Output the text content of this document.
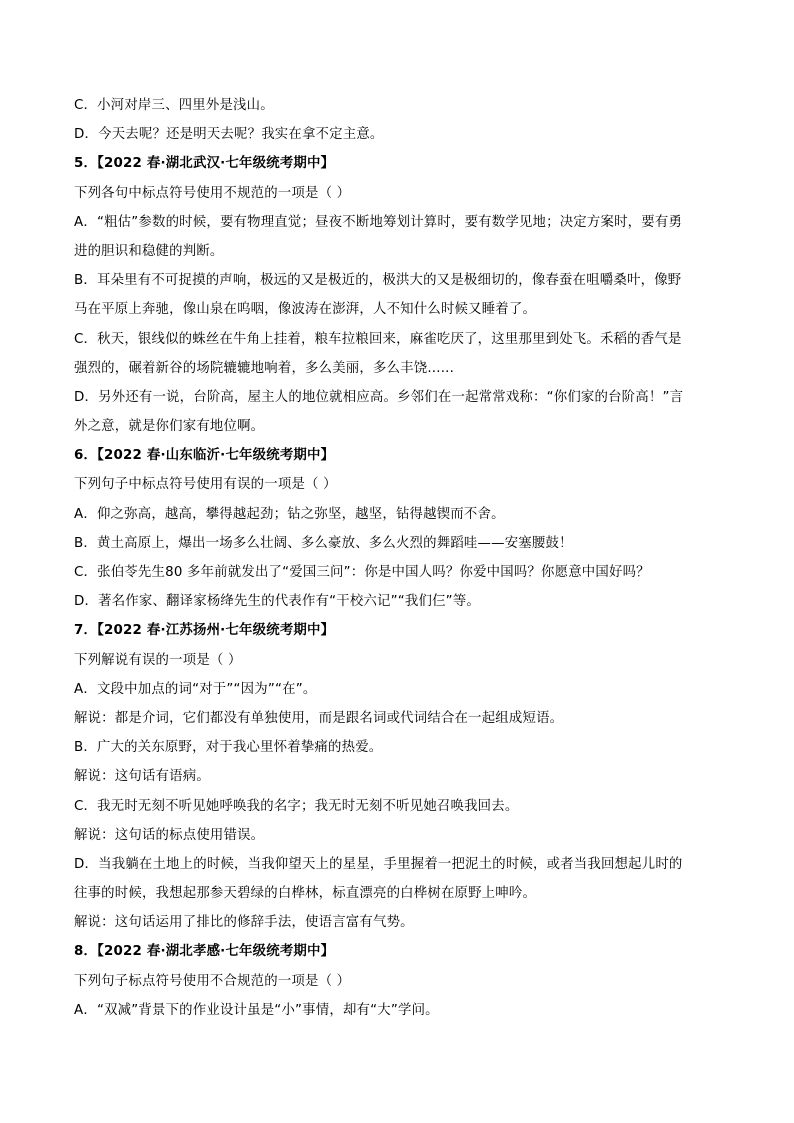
C．小河对岸三、四里外是浅山。
D．今天去呢？还是明天去呢？我实在拿不定主意。
5．【2022 春·湖北武汉·七年级统考期中】
下列各句中标点符号使用不规范的一项是（ ）
A．“粗估”参数的时候，要有物理直觉；昼夜不断地筹划计算时，要有数学见地；决定方案时，要有勇
进的胆识和稳健的判断。
B．耳朵里有不可捉摸的声响，极远的又是极近的，极洪大的又是极细切的，像春蚕在咀嚼桑叶，像野
马在平原上奔驰，像山泉在呜咽，像波涛在澎湃，人不知什么时候又睡着了。
C．秋天，银线似的蛛丝在牛角上挂着，粮车拉粮回来，麻雀吃厌了，这里那里到处飞。禾稻的香气是
强烈的，碾着新谷的场院辘辘地响着，多么美丽，多么丰饶......
D．另外还有一说，台阶高，屋主人的地位就相应高。乡邻们在一起常常戏称：“你们家的台阶高！”言
外之意，就是你们家有地位啊。
6．【2022 春·山东临沂·七年级统考期中】
下列句子中标点符号使用有误的一项是（ ）
A．仰之弥高，越高，攀得越起劲；钻之弥坚，越坚，钻得越锲而不舍。
B．黄土高原上，爆出一场多么壮阔、多么豪放、多么火烈的舞蹈哇——安塞腰鼓！
C．张伯苓先生80 多年前就发出了“爱国三问”：你是中国人吗？你爱中国吗？你愿意中国好吗？
D．著名作家、翻译家杨绛先生的代表作有“干校六记”“我们仨”等。
7．【2022 春·江苏扬州·七年级统考期中】
下列解说有误的一项是（ ）
A．文段中加点的词“对于”“因为”“在”。
解说：都是介词，它们都没有单独使用，而是跟名词或代词结合在一起组成短语。
B．广大的关东原野，对于我心里怀着挚痛的热爱。
解说：这句话有语病。
C．我无时无刻不听见她呼唤我的名字；我无时无刻不听见她召唤我回去。
解说：这句话的标点使用错误。
D．当我躺在土地上的时候，当我仰望天上的星星，手里握着一把泥土的时候，或者当我回想起儿时的
往事的时候，我想起那参天碧绿的白桦林，标直漂亮的白桦树在原野上呻吟。
解说：这句话运用了排比的修辞手法，使语言富有气势。
8．【2022 春·湖北孝感·七年级统考期中】
下列句子标点符号使用不合规范的一项是（ ）
A．“双减”背景下的作业设计虽是“小”事情，却有“大”学问。
